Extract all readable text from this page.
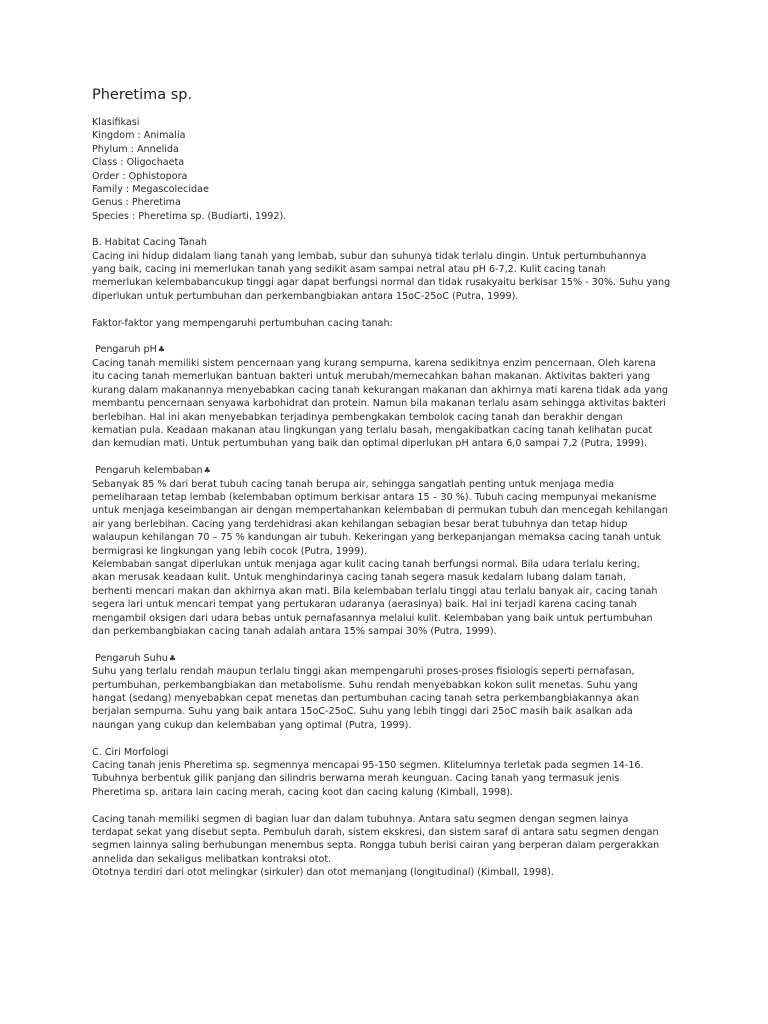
Pheretima sp.
Klasifikasi
Kingdom : Animalia
Phylum : Annelida
Class : Oligochaeta
Order : Ophistopora
Family : Megascolecidae
Genus : Pheretima
Species : Pheretima sp. (Budiarti, 1992).
B. Habitat Cacing Tanah
Cacing ini hidup didalam liang tanah yang lembab, subur dan suhunya tidak terlalu dingin. Untuk pertumbuhannya
yang baik, cacing ini memerlukan tanah yang sedikit asam sampai netral atau pH 6-7,2. Kulit cacing tanah
memerlukan kelembabancukup tinggi agar dapat berfungsi normal dan tidak rusakyaitu berkisar 15% - 30%. Suhu yang
diperlukan untuk pertumbuhan dan perkembangbiakan antara 15oC-25oC (Putra, 1999).
Faktor-faktor yang mempengaruhi pertumbuhan cacing tanah:
Pengaruh pH♣
Cacing tanah memiliki sistem pencernaan yang kurang sempurna, karena sedikitnya enzim pencernaan. Oleh karena
itu cacing tanah memerlukan bantuan bakteri untuk merubah/memecahkan bahan makanan. Aktivitas bakteri yang
kurang dalam makanannya menyebabkan cacing tanah kekurangan makanan dan akhirnya mati karena tidak ada yang
membantu pencernaan senyawa karbohidrat dan protein. Namun bila makanan terlalu asam sehingga aktivitas bakteri
berlebihan. Hal ini akan menyebabkan terjadinya pembengkakan tembolok cacing tanah dan berakhir dengan
kematian pula. Keadaan makanan atau lingkungan yang terlalu basah, mengakibatkan cacing tanah kelihatan pucat
dan kemudian mati. Untuk pertumbuhan yang baik dan optimal diperlukan pH antara 6,0 sampai 7,2 (Putra, 1999).
Pengaruh kelembaban♣
Sebanyak 85 % dari berat tubuh cacing tanah berupa air, sehingga sangatlah penting untuk menjaga media
pemeliharaan tetap lembab (kelembaban optimum berkisar antara 15 – 30 %). Tubuh cacing mempunyai mekanisme
untuk menjaga keseimbangan air dengan mempertahankan kelembaban di permukan tubuh dan mencegah kehilangan
air yang berlebihan. Cacing yang terdehidrasi akan kehilangan sebagian besar berat tubuhnya dan tetap hidup
walaupun kehilangan 70 – 75 % kandungan air tubuh. Kekeringan yang berkepanjangan memaksa cacing tanah untuk
bermigrasi ke lingkungan yang lebih cocok (Putra, 1999).
Kelembaban sangat diperlukan untuk menjaga agar kulit cacing tanah berfungsi normal. Bila udara terlalu kering,
akan merusak keadaan kulit. Untuk menghindarinya cacing tanah segera masuk kedalam lubang dalam tanah,
berhenti mencari makan dan akhirnya akan mati. Bila kelembaban terlalu tinggi atau terlalu banyak air, cacing tanah
segera lari untuk mencari tempat yang pertukaran udaranya (aerasinya) baik. Hal ini terjadi karena cacing tanah
mengambil oksigen dari udara bebas untuk pernafasannya melalui kulit. Kelembaban yang baik untuk pertumbuhan
dan perkembangbiakan cacing tanah adalah antara 15% sampai 30% (Putra, 1999).
Pengaruh Suhu♣
Suhu yang terlalu rendah maupun terlalu tinggi akan mempengaruhi proses-proses fisiologis seperti pernafasan,
pertumbuhan, perkembangbiakan dan metabolisme. Suhu rendah menyebabkan kokon sulit menetas. Suhu yang
hangat (sedang) menyebabkan cepat menetas dan pertumbuhan cacing tanah setra perkembangbiakannya akan
berjalan sempurna. Suhu yang baik antara 15oC-25oC. Suhu yang lebih tinggi dari 25oC masih baik asalkan ada
naungan yang cukup dan kelembaban yang optimal (Putra, 1999).
C. Ciri Morfologi
Cacing tanah jenis Pheretima sp. segmennya mencapai 95-150 segmen. Klitelumnya terletak pada segmen 14-16.
Tubuhnya berbentuk gilik panjang dan silindris berwarna merah keunguan. Cacing tanah yang termasuk jenis
Pheretima sp. antara lain cacing merah, cacing koot dan cacing kalung (Kimball, 1998).
Cacing tanah memiliki segmen di bagian luar dan dalam tubuhnya. Antara satu segmen dengan segmen lainya
terdapat sekat yang disebut septa. Pembuluh darah, sistem ekskresi, dan sistem saraf di antara satu segmen dengan
segmen lainnya saling berhubungan menembus septa. Rongga tubuh berisi cairan yang berperan dalam pergerakkan
annelida dan sekaligus melibatkan kontraksi otot.
Ototnya terdiri dari otot melingkar (sirkuler) dan otot memanjang (longitudinal) (Kimball, 1998).
